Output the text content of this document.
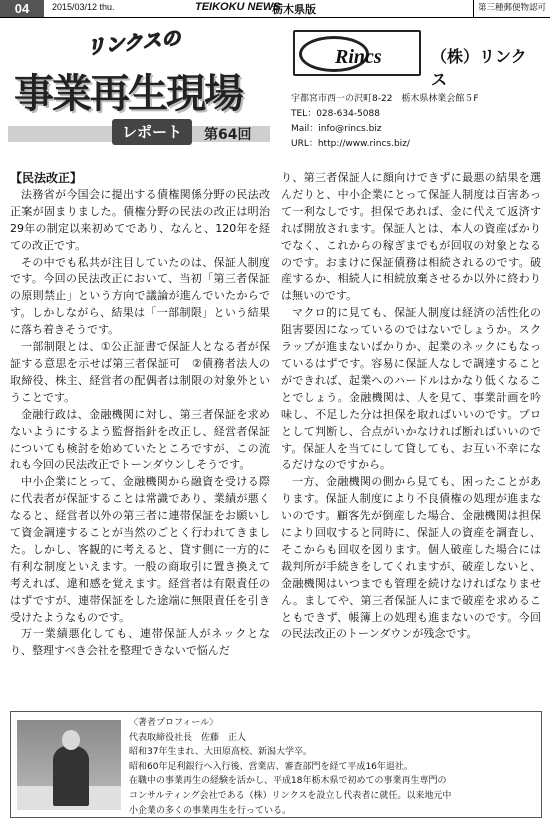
04	2015/03/12 thu.	TEIKOKU NEWS
栃木県版	第三種郵便物認可
リンクスの
事業再生現場
レポート	第64回
Rincs	（株）リンクス
宇都宮市西一の沢町8-22　栃木県林業会館５F
TEL：028-634-5088
Mail：info@rincs.biz
URL：http://www.rincs.biz/

【民法改正】

法務省が今国会に提出する債権関係分野の民法改正案が固まりました。債権分野の民法の改正は明治29年の制定以来初めてであり、なんと、120年を経ての改正です。

その中でも私共が注目していたのは、保証人制度です。今回の民法改正において、当初「第三者保証の原則禁止」という方向で議論が進んでいたからです。しかしながら、結果は「一部制限」という結果に落ち着きそうです。

一部制限とは、①公正証書で保証人となる者が保証する意思を示せば第三者保証可　②債務者法人の取締役、株主、経営者の配偶者は制限の対象外ということです。

金融行政は、金融機関に対し、第三者保証を求めないようにするよう監督指針を改正し、経営者保証についても検討を始めていたところですが、この流れも今回の民法改正でトーンダウンしそうです。

中小企業にとって、金融機関から融資を受ける際に代表者が保証することは常識であり、業績が悪くなると、経営者以外の第三者に連帯保証をお願いして資金調達することが当然のごとく行われてきました。しかし、客観的に考えると、貸す側に一方的に有利な制度といえます。一般の商取引に置き換えて考えれば、違和感を覚えます。経営者は有限責任のはずですが、連帯保証をした途端に無限責任を引き受けたようなものです。

万一業績悪化しても、連帯保証人がネックとなり、整理すべき会社を整理できないで悩んだ

り、第三者保証人に顔向けできずに最悪の結果を選んだりと、中小企業にとって保証人制度は百害あって一利なしです。担保であれば、金に代えて返済すれば開放されます。保証人とは、本人の資産ばかりでなく、これからの稼ぎまでもが回収の対象となるのです。おまけに保証債務は相続されるのです。破産するか、相続人に相続放棄させるか以外に終わりは無いのです。

マクロ的に見ても、保証人制度は経済の活性化の阻害要因になっているのではないでしょうか。スクラップが進まないばかりか、起業のネックにもなっているはずです。容易に保証人なしで調達することができれば、起業へのハードルはかなり低くなることでしょう。金融機関は、人を見て、事業計画を吟味し、不足した分は担保を取ればいいのです。プロとして判断し、合点がいかなければ断ればいいのです。保証人を当てにして貸しても、お互い不幸になるだけなのですから。

一方、金融機関の側から見ても、困ったことがあります。保証人制度により不良債権の処理が進まないのです。顧客先が倒産した場合、金融機関は担保により回収すると同時に、保証人の資産を調査し、そこからも回収を図ります。個人破産した場合には裁判所が手続きをしてくれますが、破産しないと、金融機関はいつまでも管理を続けなければなりません。ましてや、第三者保証人にまで破産を求めることもできず、帳簿上の処理も進まないのです。今回の民法改正のトーンダウンが残念です。

〈著者プロフィール〉
代表取締役社長　佐藤　正人
昭和37年生まれ、大田原高校、新潟大学卒。
昭和60年足利銀行へ入行後、営業店、審査部門を経て平成16年退社。
在職中の事業再生の経験を活かし、平成18年栃木県で初めての事業再生専門の
コンサルティング会社である（株）リンクスを設立し代表者に就任。以来地元中
小企業の多くの事業再生を行っている。
